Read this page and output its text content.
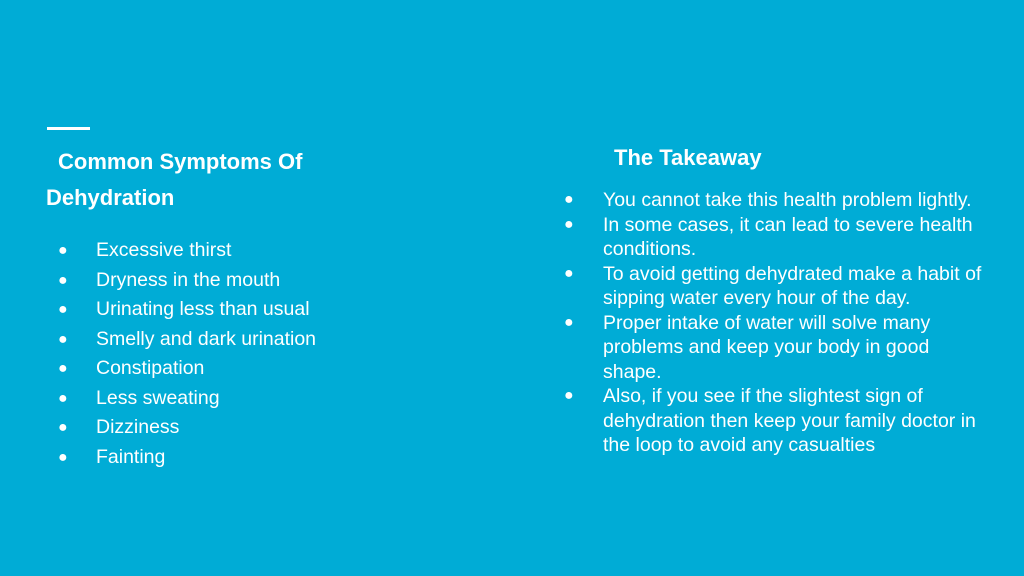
Common Symptoms Of
Dehydration
● Excessive thirst
● Dryness in the mouth
● Urinating less than usual
● Smelly and dark urination
● Constipation
● Less sweating
● Dizziness
● Fainting
The Takeaway
● You cannot take this health problem lightly.
● In some cases, it can lead to severe health conditions.
● To avoid getting dehydrated make a habit of sipping water every hour of the day.
● Proper intake of water will solve many problems and keep your body in good shape.
● Also, if you see if the slightest sign of dehydration then keep your family doctor in the loop to avoid any casualties
